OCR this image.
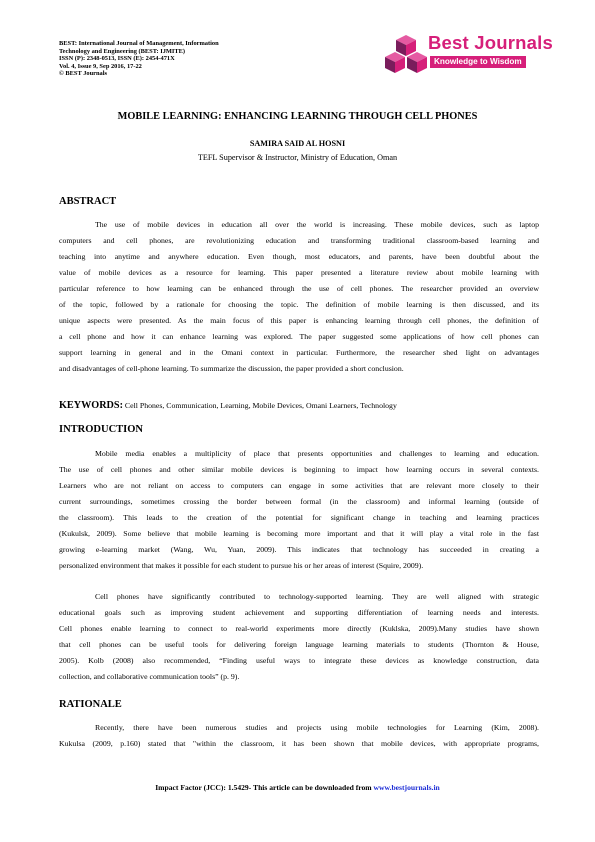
BEST: International Journal of Management, Information
Technology and Engineering (BEST: IJMITE)
ISSN (P): 2348-0513, ISSN (E): 2454-471X
Vol. 4, Issue 9, Sep 2016, 17-22
© BEST Journals
Best Journals
Knowledge to Wisdom
MOBILE LEARNING: ENHANCING LEARNING THROUGH CELL PHONES
SAMIRA SAID AL HOSNI
TEFL Supervisor & Instructor, Ministry of Education, Oman
ABSTRACT
The use of mobile devices in education all over the world is increasing. These mobile devices, such as laptop
computers and cell phones, are revolutionizing education and transforming traditional classroom-based learning and
teaching into anytime and anywhere education. Even though, most educators, and parents, have been doubtful about the
value of mobile devices as a resource for learning. This paper presented a literature review about mobile learning with
particular reference to how learning can be enhanced through the use of cell phones. The researcher provided an overview
of the topic, followed by a rationale for choosing the topic. The definition of mobile learning is then discussed, and its
unique aspects were presented. As the main focus of this paper is enhancing learning through cell phones, the definition of
a cell phone and how it can enhance learning was explored. The paper suggested some applications of how cell phones can
support learning in general and in the Omani context in particular. Furthermore, the researcher shed light on advantages
and disadvantages of cell-phone learning. To summarize the discussion, the paper provided a short conclusion.
KEYWORDS: Cell Phones, Communication, Learning, Mobile Devices, Omani Learners, Technology
INTRODUCTION
Mobile media enables a multiplicity of place that presents opportunities and challenges to learning and education.
The use of cell phones and other similar mobile devices is beginning to impact how learning occurs in several contexts.
Learners who are not reliant on access to computers can engage in some activities that are relevant more closely to their
current surroundings, sometimes crossing the border between formal (in the classroom) and informal learning (outside of
the classroom). This leads to the creation of the potential for significant change in teaching and learning practices
(Kukulsk, 2009). Some believe that mobile learning is becoming more important and that it will play a vital role in the fast
growing e-learning market (Wang, Wu, Yuan, 2009). This indicates that technology has succeeded in creating a
personalized environment that makes it possible for each student to pursue his or her areas of interest (Squire, 2009).
Cell phones have significantly contributed to technology-supported learning. They are well aligned with strategic
educational goals such as improving student achievement and supporting differentiation of learning needs and interests.
Cell phones enable learning to connect to real-world experiments more directly (Kuklska, 2009).Many studies have shown
that cell phones can be useful tools for delivering foreign language learning materials to students (Thornton & House,
2005). Kolb (2008) also recommended, “Finding useful ways to integrate these devices as knowledge construction, data
collection, and collaborative communication tools” (p. 9).
RATIONALE
Recently, there have been numerous studies and projects using mobile technologies for Learning (Kim, 2008).
Kukulsa (2009, p.160) stated that "within the classroom, it has been shown that mobile devices, with appropriate programs,
Impact Factor (JCC): 1.5429- This article can be downloaded from www.bestjournals.in
